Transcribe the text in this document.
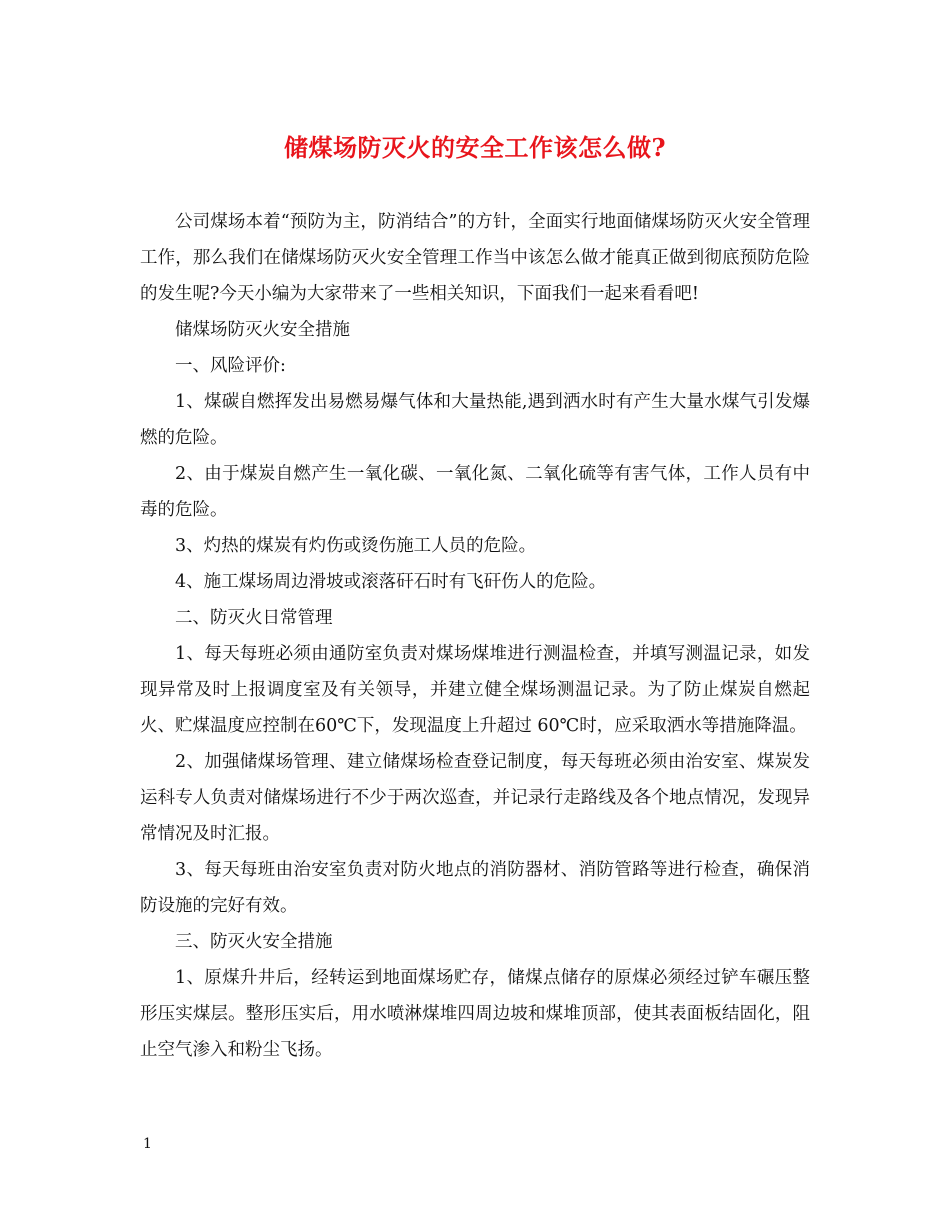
储煤场防灭火的安全工作该怎么做?

公司煤场本着“预防为主，防消结合”的方针，全面实行地面储煤场防灭火安全管理工作，那么我们在储煤场防灭火安全管理工作当中该怎么做才能真正做到彻底预防危险的发生呢?今天小编为大家带来了一些相关知识，下面我们一起来看看吧!

储煤场防灭火安全措施

一、风险评价:

1、煤碳自燃挥发出易燃易爆气体和大量热能,遇到洒水时有产生大量水煤气引发爆燃的危险。

2、由于煤炭自燃产生一氧化碳、一氧化氮、二氧化硫等有害气体，工作人员有中毒的危险。

3、灼热的煤炭有灼伤或烫伤施工人员的危险。

4、施工煤场周边滑坡或滚落矸石时有飞矸伤人的危险。

二、防灭火日常管理

1、每天每班必须由通防室负责对煤场煤堆进行测温检查，并填写测温记录，如发现异常及时上报调度室及有关领导，并建立健全煤场测温记录。为了防止煤炭自燃起火、贮煤温度应控制在60℃下，发现温度上升超过 60℃时，应采取洒水等措施降温。

2、加强储煤场管理、建立储煤场检查登记制度，每天每班必须由治安室、煤炭发运科专人负责对储煤场进行不少于两次巡查，并记录行走路线及各个地点情况，发现异常情况及时汇报。

3、每天每班由治安室负责对防火地点的消防器材、消防管路等进行检查，确保消防设施的完好有效。

三、防灭火安全措施

1、原煤升井后，经转运到地面煤场贮存，储煤点储存的原煤必须经过铲车碾压整形压实煤层。整形压实后，用水喷淋煤堆四周边坡和煤堆顶部，使其表面板结固化，阻止空气渗入和粉尘飞扬。

1
